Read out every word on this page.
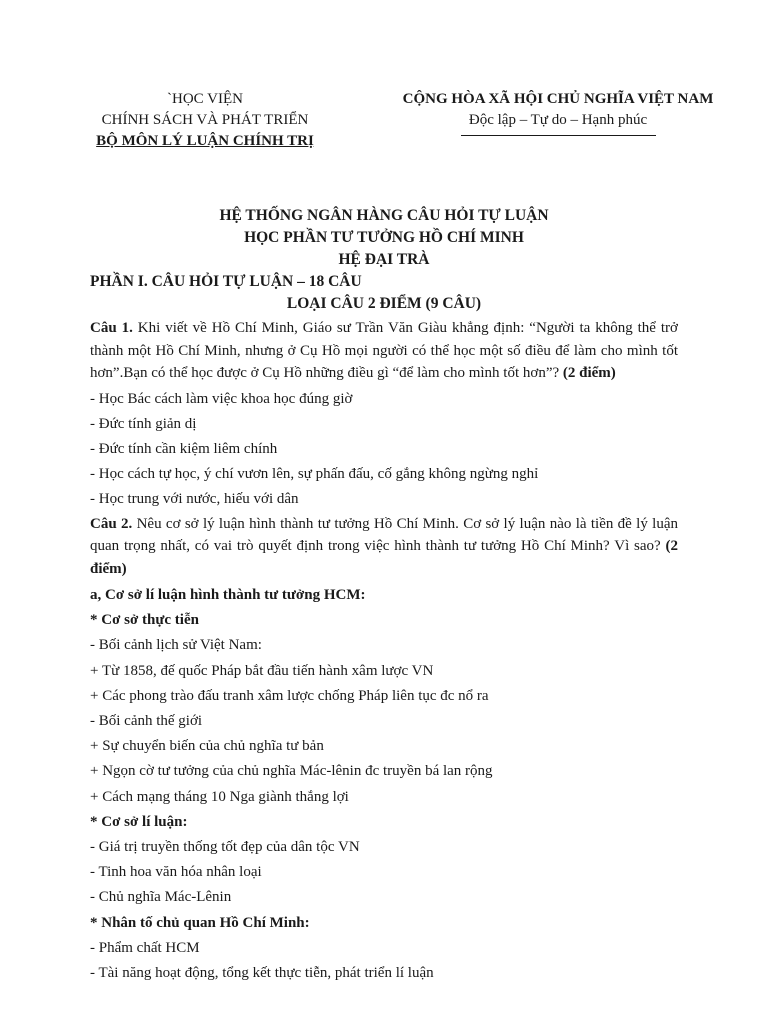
`HỌC VIỆN
CHÍNH SÁCH VÀ PHÁT TRIỂN
BỘ MÔN LÝ LUẬN CHÍNH TRỊ
CỘNG HÒA XÃ HỘI CHỦ NGHĨA VIỆT NAM
Độc lập – Tự do – Hạnh phúc
HỆ THỐNG NGÂN HÀNG CÂU HỎI TỰ LUẬN
HỌC PHẦN TƯ TƯỞNG HỒ CHÍ MINH
HỆ ĐẠI TRÀ
PHẦN I. CÂU HỎI TỰ LUẬN – 18 CÂU
LOẠI CÂU 2 ĐIỂM (9 CÂU)

Câu 1. Khi viết về Hồ Chí Minh, Giáo sư Trần Văn Giàu khẳng định: “Người ta không thể trở thành một Hồ Chí Minh, nhưng ở Cụ Hồ mọi người có thể học một số điều để làm cho mình tốt hơn”.Bạn có thể học được ở Cụ Hồ những điều gì “để làm cho mình tốt hơn”? (2 điểm)

- Học Bác cách làm việc khoa học đúng giờ

- Đức tính giản dị

- Đức tính cần kiệm liêm chính

- Học cách tự học, ý chí vươn lên, sự phấn đấu, cố gắng không ngừng nghỉ

- Học trung với nước, hiếu với dân

Câu 2. Nêu cơ sở lý luận hình thành tư tưởng Hồ Chí Minh. Cơ sở lý luận nào là tiền đề lý luận quan trọng nhất, có vai trò quyết định trong việc hình thành tư tưởng Hồ Chí Minh? Vì sao? (2 điểm)

a, Cơ sở lí luận hình thành tư tưởng HCM:

* Cơ sở thực tiễn

- Bối cảnh lịch sử Việt Nam:

+ Từ 1858, đế quốc Pháp bắt đầu tiến hành xâm lược VN

+ Các phong trào đấu tranh xâm lược chống Pháp liên tục đc nổ ra

- Bối cảnh thế giới

+ Sự chuyển biến của chủ nghĩa tư bản

+ Ngọn cờ tư tưởng của chủ nghĩa Mác-lênin đc truyền bá lan rộng

+ Cách mạng tháng 10 Nga giành thắng lợi

* Cơ sở lí luận:

- Giá trị truyền thống tốt đẹp của dân tộc VN

- Tinh hoa văn hóa nhân loại

- Chủ nghĩa Mác-Lênin

* Nhân tố chủ quan Hồ Chí Minh:

- Phẩm chất HCM

- Tài năng hoạt động, tổng kết thực tiễn, phát triển lí luận
